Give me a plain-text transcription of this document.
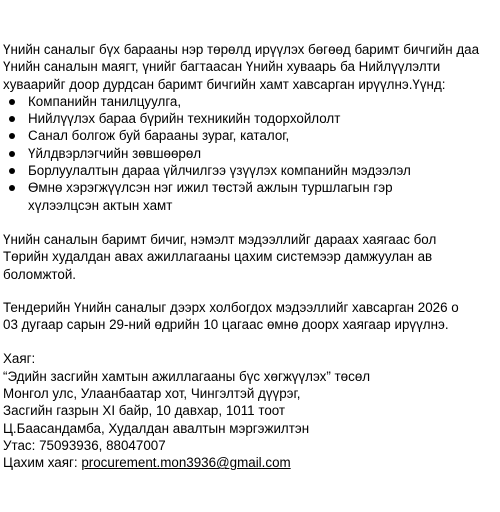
Үнийн саналыг бүх барааны нэр төрөлд ирүүлэх бөгөөд баримт бичгийн даа
Үнийн саналын маягт, үнийг багтаасан Үнийн хуваарь ба Нийлүүлэлти
хуваарийг доор дурдсан баримт бичгийн хамт хавсарган ирүүлнэ.Үүнд:

Компанийн танилцуулга,
Нийлүүлэх бараа бүрийн техникийн тодорхойлолт
Санал болгож буй барааны зураг, каталог,
Үйлдвэрлэгчийн зөвшөөрөл
Борлуулалтын дараа үйлчилгээ үзүүлэх компанийн мэдээлэл
Өмнө хэрэгжүүлсэн нэг ижил төстэй ажлын туршлагын гэр
хүлээлцсэн актын хамт

Үнийн саналын баримт бичиг, нэмэлт мэдээллийг дараах хаягаас бол
Төрийн худалдан авах ажиллагааны цахим системээр дамжуулан ав
боломжтой.

Тендерийн Үнийн саналыг дээрх холбогдох мэдээллийг хавсарган 2026 о
03 дугаар сарын 29-ний өдрийн 10 цагаас өмнө доорх хаягаар ирүүлнэ.

Хаяг:
“Эдийн засгийн хамтын ажиллагааны бүс хөгжүүлэх” төсөл
Монгол улс, Улаанбаатар хот, Чингэлтэй дүүрэг,
Засгийн газрын XI байр, 10 давхар, 1011 тоот
Ц.Баасандамба, Худалдан авалтын мэргэжилтэн
Утас: 75093936, 88047007
Цахим хаяг: procurement.mon3936@gmail.com
